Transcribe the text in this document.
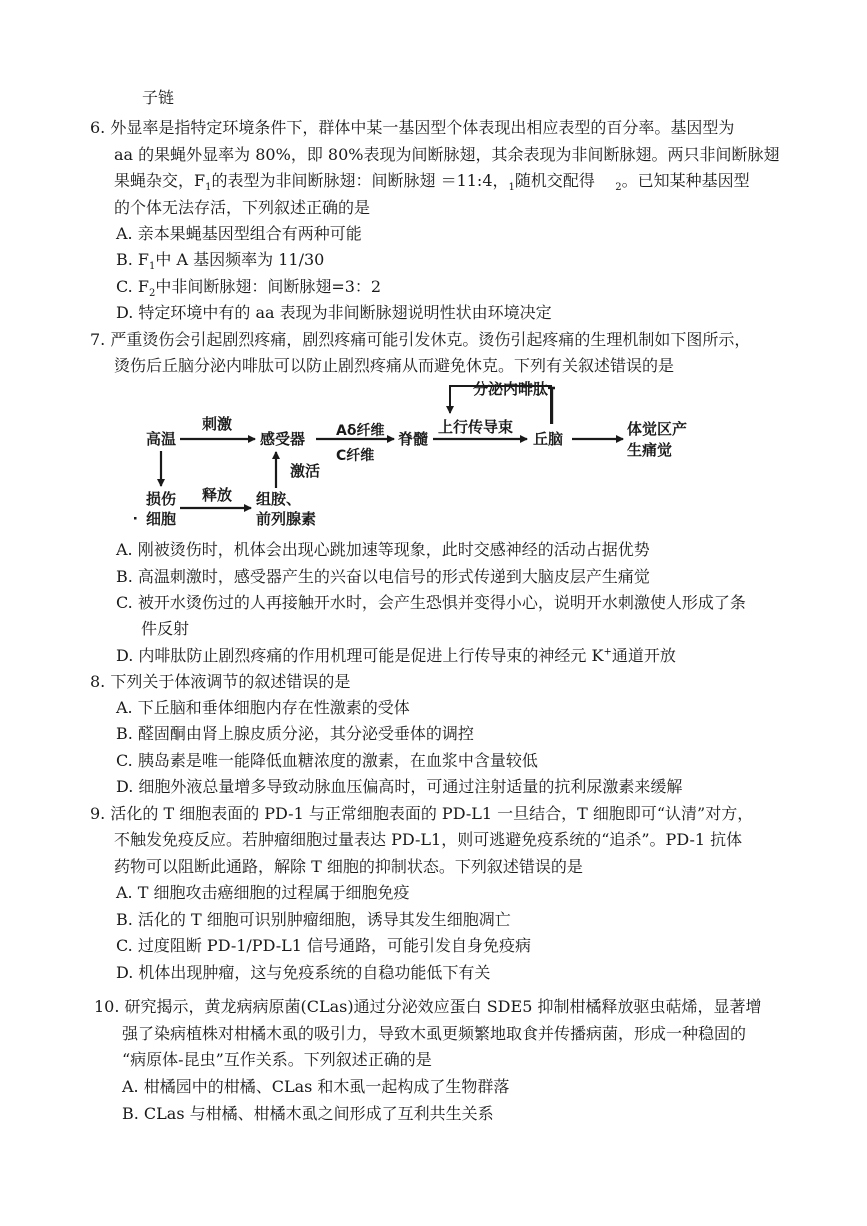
子链
6. 外显率是指特定环境条件下，群体中某一基因型个体表现出相应表型的百分率。基因型为
aa 的果蝇外显率为 80%，即 80%表现为间断脉翅，其余表现为非间断脉翅。两只非间断脉翅
果蝇杂交，$F_1$的表型为非间断脉翅：间断脉翅 ＝11:4，$_1$随机交配得 $_2$。已知某种基因型
的个体无法存活，下列叙述正确的是
A. 亲本果蝇基因型组合有两种可能
B. $F_1$中 A 基因频率为 11/30
C. $F_2$中非间断脉翅：间断脉翅=3：2
D. 特定环境中有的 aa 表现为非间断脉翅说明性状由环境决定
7. 严重烫伤会引起剧烈疼痛，剧烈疼痛可能引发休克。烫伤引起疼痛的生理机制如下图所示，
烫伤后丘脑分泌内啡肽可以防止剧烈疼痛从而避免休克。下列有关叙述错误的是
高温
刺激
感受器 Aδ纤维
C纤维
脊髓
上行传导束
分泌内啡肽
丘脑
体觉区产
生痛觉
损伤
细胞
释放 组胺、
前列腺素
激活
A. 刚被烫伤时，机体会出现心跳加速等现象，此时交感神经的活动占据优势
B. 高温刺激时，感受器产生的兴奋以电信号的形式传递到大脑皮层产生痛觉
C. 被开水烫伤过的人再接触开水时，会产生恐惧并变得小心，说明开水刺激使人形成了条
件反射
D. 内啡肽防止剧烈疼痛的作用机理可能是促进上行传导束的神经元 K+通道开放
8. 下列关于体液调节的叙述错误的是
A. 下丘脑和垂体细胞内存在性激素的受体
B. 醛固酮由肾上腺皮质分泌，其分泌受垂体的调控
C. 胰岛素是唯一能降低血糖浓度的激素，在血浆中含量较低
D. 细胞外液总量增多导致动脉血压偏高时，可通过注射适量的抗利尿激素来缓解
9. 活化的 T 细胞表面的 PD-1 与正常细胞表面的 PD-L1 一旦结合，T 细胞即可“认清”对方，
不触发免疫反应。若肿瘤细胞过量表达 PD-L1，则可逃避免疫系统的“追杀”。PD-1 抗体
药物可以阻断此通路，解除 T 细胞的抑制状态。下列叙述错误的是
A. T 细胞攻击癌细胞的过程属于细胞免疫
B. 活化的 T 细胞可识别肿瘤细胞，诱导其发生细胞凋亡
C. 过度阻断 PD-1/PD-L1 信号通路，可能引发自身免疫病
D. 机体出现肿瘤，这与免疫系统的自稳功能低下有关
10. 研究揭示，黄龙病病原菌(CLas)通过分泌效应蛋白 SDE5 抑制柑橘释放驱虫萜烯，显著增
强了染病植株对柑橘木虱的吸引力，导致木虱更频繁地取食并传播病菌，形成一种稳固的
“病原体-昆虫”互作关系。下列叙述正确的是
A. 柑橘园中的柑橘、CLas 和木虱一起构成了生物群落
B. CLas 与柑橘、柑橘木虱之间形成了互利共生关系
